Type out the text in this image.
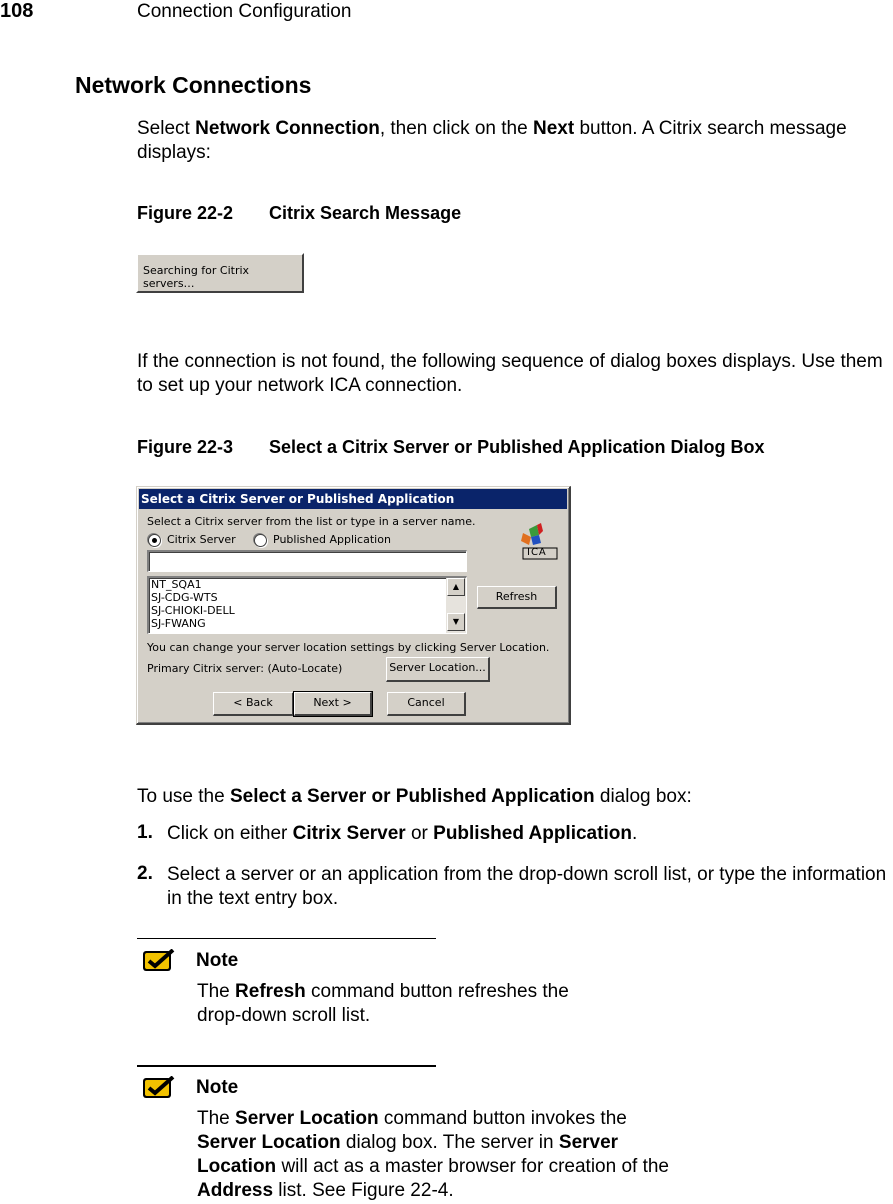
108	Connection Configuration
Network Connections
Select Network Connection, then click on the Next button. A Citrix search message displays:
Figure 22-2 Citrix Search Message
Searching for Citrix servers…
If the connection is not found, the following sequence of dialog boxes displays. Use them to set up your network ICA connection.
Figure 22-3 Select a Citrix Server or Published Application Dialog Box
Select a Citrix Server or Published Application
Select a Citrix server from the list or type in a server name.
Citrix Server	Published Application
NT_SQA1
SJ-CDG-WTS
SJ-CHIOKI-DELL
SJ-FWANG
▲
▼
ICA
Refresh
You can change your server location settings by clicking Server Location.
Primary Citrix server: (Auto-Locate)	Server Location...
< Back	Next >	Cancel
To use the Select a Server or Published Application dialog box:
1. Click on either Citrix Server or Published Application.
2. Select a server or an application from the drop-down scroll list, or type the information in the text entry box.
Note
The Refresh command button refreshes the drop-down scroll list.
Note
The Server Location command button invokes the Server Location dialog box. The server in Server Location will act as a master browser for creation of the Address list. See Figure 22-4.
